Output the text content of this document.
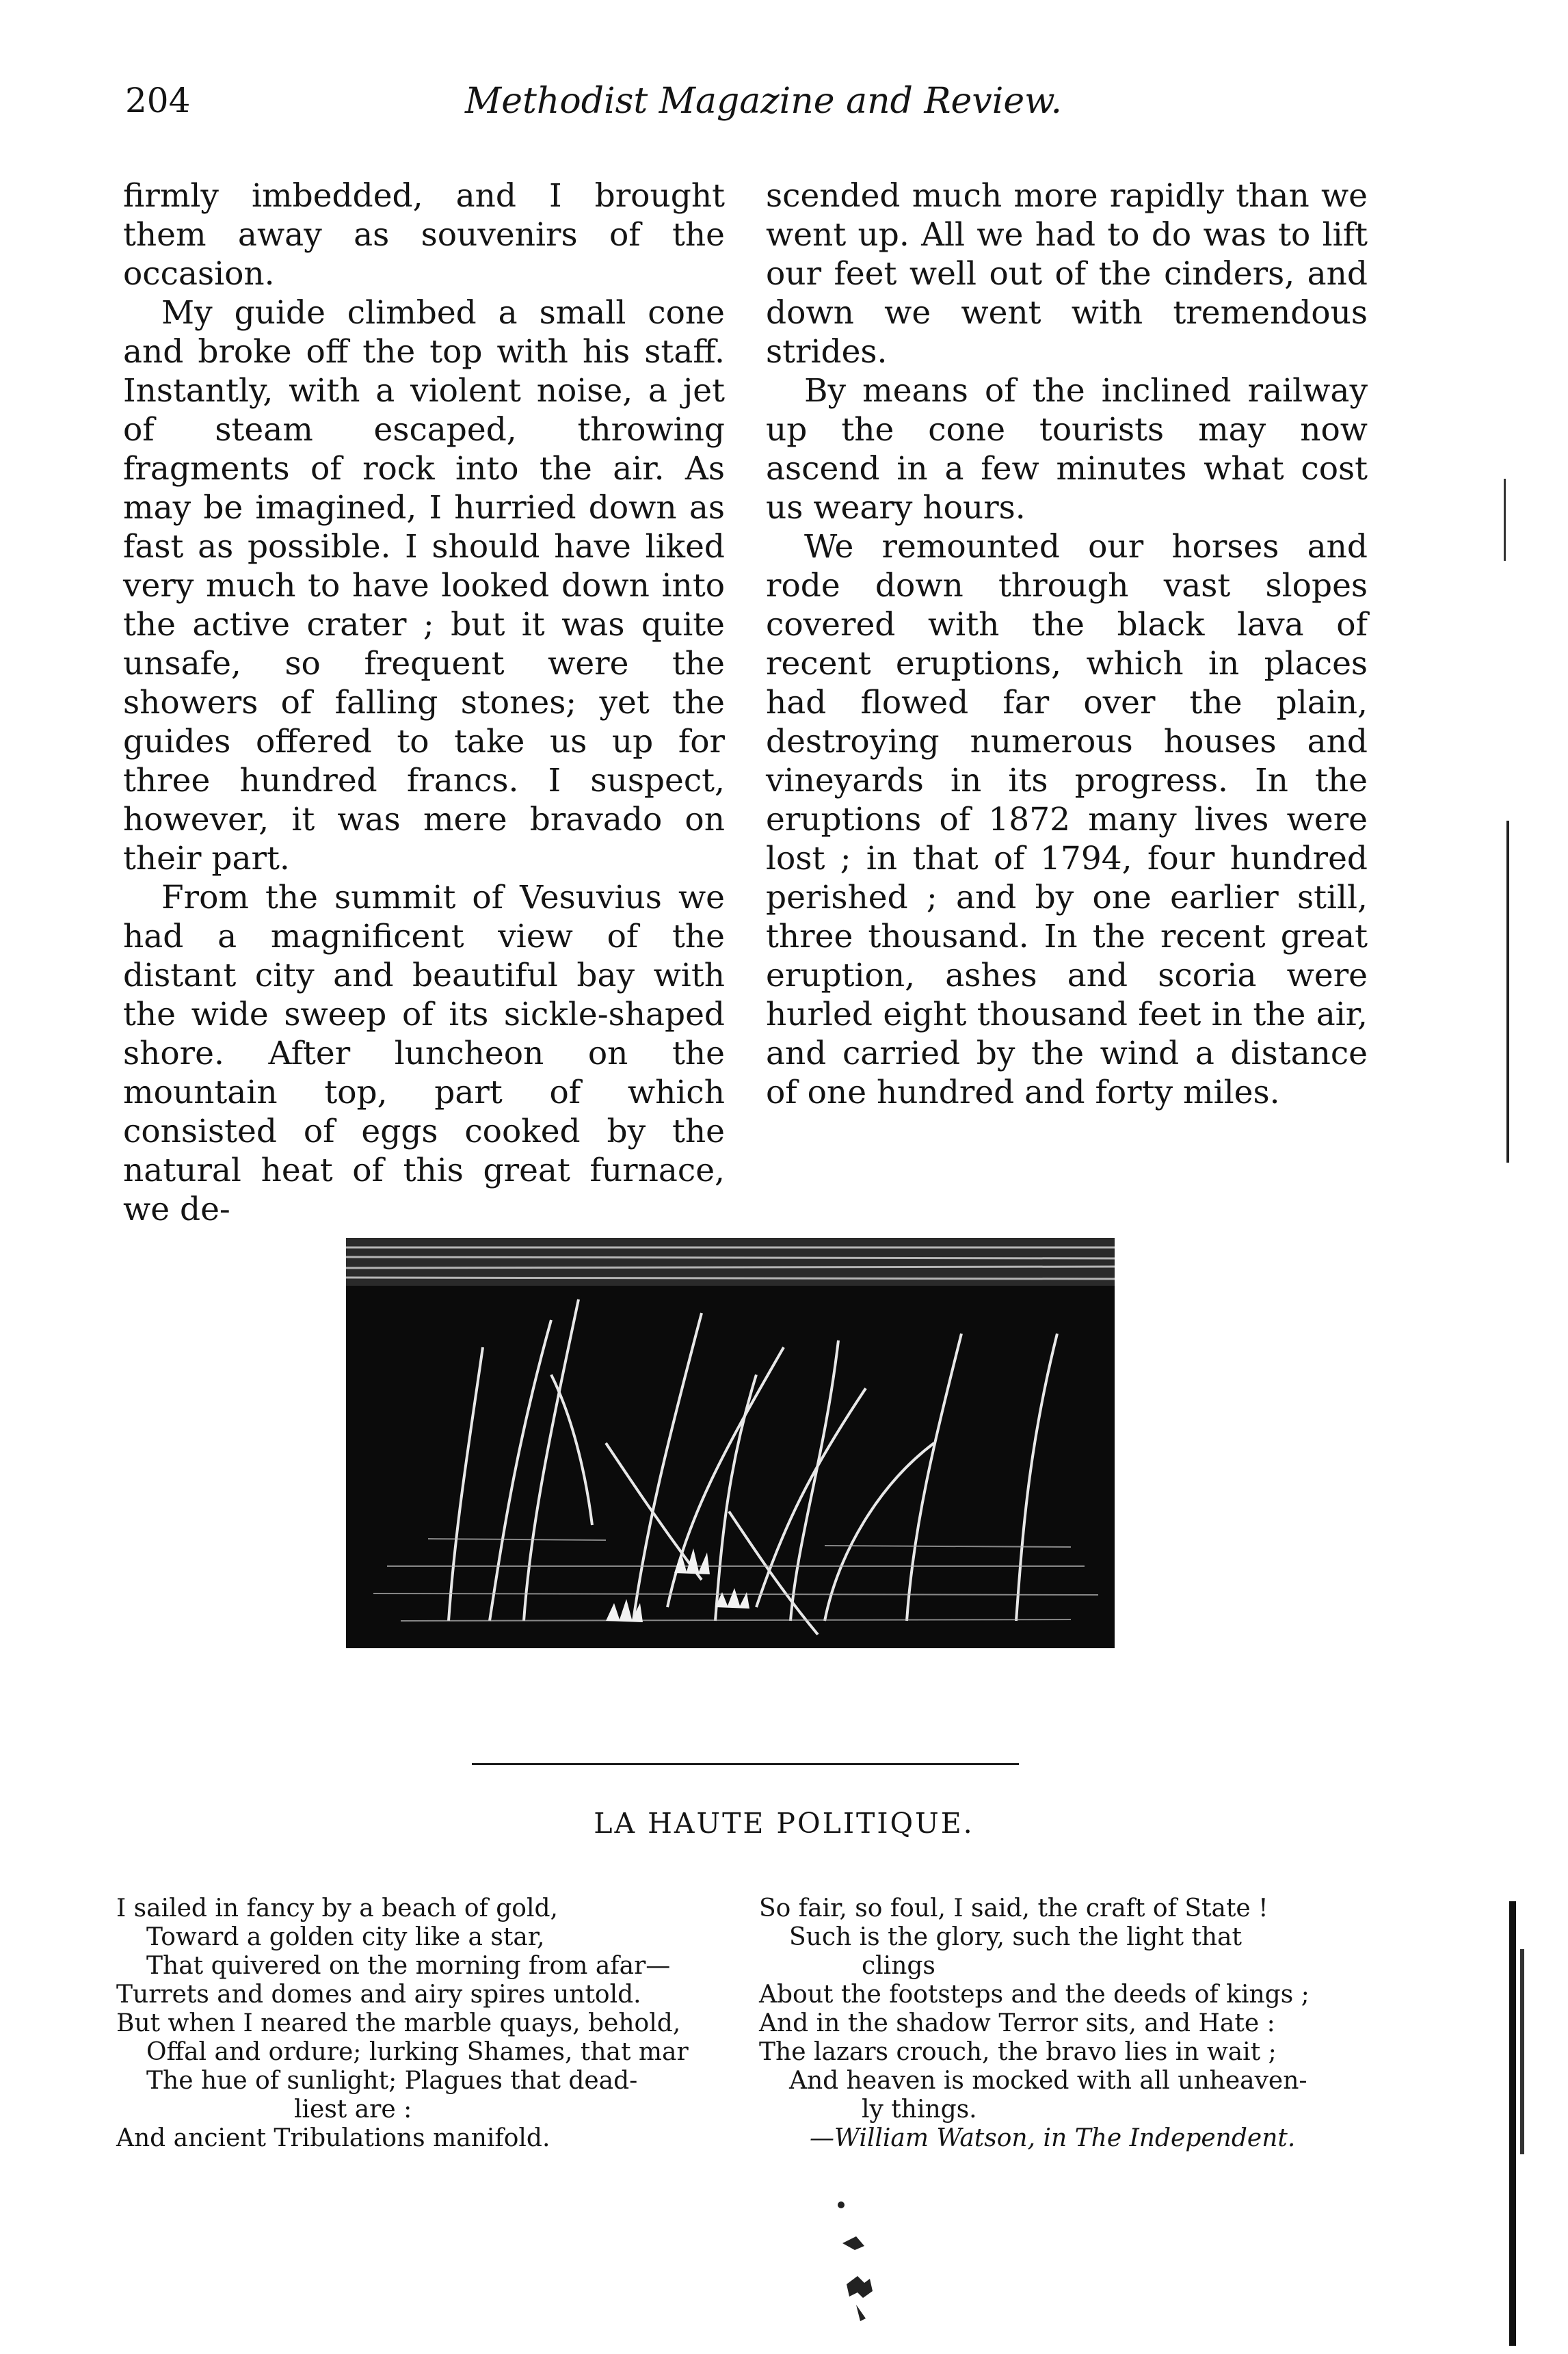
204	Methodist Magazine and Review.

firmly imbedded, and I brought them away as souvenirs of the occasion.

My guide climbed a small cone and broke off the top with his staff. Instantly, with a violent noise, a jet of steam escaped, throwing fragments of rock into the air. As may be imagined, I hurried down as fast as possible. I should have liked very much to have looked down into the active crater ; but it was quite unsafe, so frequent were the showers of falling stones; yet the guides offered to take us up for three hundred francs. I suspect, however, it was mere bravado on their part.

From the summit of Vesuvius we had a magnificent view of the distant city and beautiful bay with the wide sweep of its sickle-shaped shore. After luncheon on the mountain top, part of which consisted of eggs cooked by the natural heat of this great furnace, we de-

scended much more rapidly than we went up. All we had to do was to lift our feet well out of the cinders, and down we went with tremendous strides.

By means of the inclined railway up the cone tourists may now ascend in a few minutes what cost us weary hours.

We remounted our horses and rode down through vast slopes covered with the black lava of recent eruptions, which in places had flowed far over the plain, destroying numerous houses and vineyards in its progress. In the eruptions of 1872 many lives were lost ; in that of 1794, four hundred perished ; and by one earlier still, three thousand. In the recent great eruption, ashes and scoria were hurled eight thousand feet in the air, and carried by the wind a distance of one hundred and forty miles.

LA HAUTE POLITIQUE.
I sailed in fancy by a beach of gold,
Toward a golden city like a star,
That quivered on the morning from afar—
Turrets and domes and airy spires untold.
But when I neared the marble quays, behold,
Offal and ordure; lurking Shames, that mar
The hue of sunlight; Plagues that dead-
liest are :
And ancient Tribulations manifold.
So fair, so foul, I said, the craft of State !
Such is the glory, such the light that
clings
About the footsteps and the deeds of kings ;
And in the shadow Terror sits, and Hate :
The lazars crouch, the bravo lies in wait ;
And heaven is mocked with all unheaven-
ly things.
—William Watson, in The Independent.
